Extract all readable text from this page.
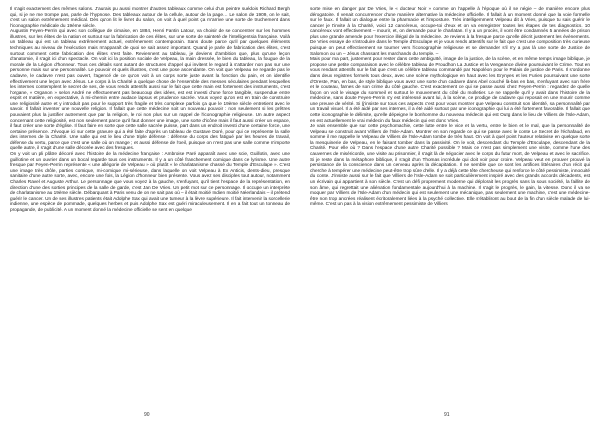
Il s'agit exactement des mêmes salons. J'aurais pu aussi montrer d'autres tableaux comme celui d'un peintre suédois Richard Bergh qui, si je ne me trompe pas, parle de l'hypnose. Des tableaux autour de la cellule, autour de la page… Le salon de 1909, on le sait, c'est un salon extrêmement médical. Dès qu'on lit le livret du salon, on voit à quel point ça m'arrive une sorte de truchement dans l'iconographie médicale du 19ème siècle.

Augustin Feyen-Perrin qui avec son collègue de cimaise, en 1884, Henri Fantin Latour, va choisir de se concentrer sur les hommes illustres, sur les élites de la nation et surtout sur la fabrication de ces élites, sur une sorte de sainteté de l'intelligentsia française. Voilà un tableau qui est un tableau extrêmement actuel, extrêmement contemporain. Sans doute parce qu'il par quelques éléments techniques au niveau de l'exécution mais m'apparaît de quoi se sait assez important. Quand je parle de fabrication des élites, c'est surtout comment cette fabrication des élites s'est faite. Reviennent au tableau, je deviens d'ambition que, plus qu'une leçon d'anatomie, il s'agit ici d'un spectacle. On voit ici la position sociale de Velpeau, la main dressée, le bien du tableau, la fougue de la morale de la Légion d'honneur. Tous ces détails sont autant de structures d'appel qui invitent le regard à s'attarder non pas sur une personne mais sur une personnalité. Le pouvoir et quels illustres, c'est une pose ascendante. On voit que Velpeau ne regarde pas le cadavre, le cadavre n'est pas ouvert, l'agencé de ce qu'on voit à un corps sorte juste avant la fonction du pain, et on identifie effectivement une leçon avec Jésus. Le corps à la Charité a quelque chose de l'ensemble des messes séculaires pendant lesquelles les internes contemplent le secret de ses, de vous rends attentifs aussi sur le fait que cette main est fortement des instruments, c'est l'organe, « Organon » selon André ne effectuement pas beaucoup des idées, est est investi d'une force tangible, suspendue entre esprit et matière, en expectative, à mi-chemin entre audace lapsus et prudence sacrée. Vous voyez qu'on est en train de construire une religiosité autre et y introduit pas pour le support très fragile et très complexe parfois ça que le 19ème siècle entretient avec le savoir. Il fallait inventer une nouvelle religion. Il fallait que cette médecine soit un nouveau pouvoir : non seulement si les prêtres pouvaient plus la justifier autrement que par la religion, le roi non plus sur un rappel de l'iconographie religieuse. Un autre aspect concernant cette religiosité, est non seulement parce qu'il faut donner une image, une sorte d'icône mais il faut aussi créer un espace, il faut créer une sorte d'église. Il faut faire en sorte que cette salle sacrée puisse, part dans un endroit investi d'une certaine force, une certaine présence. J'évoque ici sur cette gravure qui a été faite d'après un tableau de Gustave Doré, pour qui ce représente la salle des internes de la Charité. Une salle qui est le lieu d'une triple défense : défense du corps des fatigué par les heures de travail, défense du vertu, parce que c'est une salle où on mange ; et aussi défense de l'oeil, puisque on n'est pas une salle comme n'importe quelle autre, il s'agit d'une salle décorée avec des fresques.

On y voit un pli plâtre décoré avec l'histoire de la médecine française : Ambroise Paré apparaît avec une scie, Guillotin, avec une guillotine et un ouvrier dans un bocal regarde tous ces instruments. Il y a un côté franchement comique dans ce lyrisme. Une autre fresque par Feyen-Perrin représente « une allégorie de Velpeau » où plutôt « le charlatanisme chassé du Temple d'Esculape ». C'est une image très drôle, parties comique, mi-comique mi-sérieuse, dans laquelle on voit Velpeau à Ex Anticis, dents-dieu, presque sanitaire d'une autre sorte, avec, encore une fois, la Légion d'honneur bien présente. Vous avez ses disciples tout autour, notamment Charles Ravel et Auguste Arthur. Le personnage que vous voyez à la gauche, s'enfuyant, qu'il tient l'espace de la représentation, en direction d'une des sorties principes de la salle de garde, c'est Jan De Vries. Un petit mot sur ce personnage. Il occupe un interprète de charlatanisme au 19ème siècle. Débarquant à Paris venu de on ne sait pas où – il était moitié Indien moitié Néerlandais – il prétend guérir le cancer. Un de ses illustres patients était Adolphe Sax qui avait une tumeur à la lèvre supérieure. Il fait intervenir la sorcellerie indienne, une espèce de pommade, quelques herbes et puis Adolphe Sax est guéri miraculeusement. Il en a fait tout un tonneau de propagande, de publicité. A un moment donné la médecine officielle se sent en quelque

sorte mise en danger par De Vries, le « docteur Noir » comme on l'appelle à l'époque où il se négie – de manière encore plus dérogatoire. Il venait concurrencer d'une manière alternative la médecine officielle. Il fallait à un moment donné que la voie formelle sur le faux. Il fallait un dialogue entre la pharmacie et l'imposture. Très intelligemment Velpeau dit à Vries, puisque tu sais guérir le cancer je t'invite à la Charité, voici 12 cancéreux, occupe-toi d'eux et on va enregistrer toutes les étapes de tes diagnostics. 10 cancéreux vont effectivement – mourir, et, on demande pour le charlatan. Il y a un procès, il vont être condamnés 5 années de prison plus une grande amende pour l'exercice illégal de la médecine. Je reviens à la fresque parce qu'elle décrit justement les évènements. De Vries essaye de s'introduire dans le Temple d'Esculape et je vous rends attentifs sur le fait que c'est une composition très curieuse puisque on peut effectivement se tourner vers l'iconographie religieuse et se demander s'il n'y a pas là une sorte de Justice de Salomon ou un – Jésus chassant les marchands du temple. –

Mais pour ma part, justement pour rester dans cette ambiguïté, image de la justice, de la scène, et en même temps image biblique, je propose une petite comparaison avec le célèbre tableau de Proudhon La Justice et la Vengeance divine poursuivant le Crime. Tout en vous rendant attentifs sur le fait que c'est un célèbre tableau commandé par Napoléon pour le Palais de justice de Paris. Il s'ordonne dans deux registres formels tous deux, avec une scène mythologique en haut avec les Erynyes et les Furies poursuivant une sorte d'Oreste, Pan, en bas, de style biblique vous avez une sorte d'un cadavre dans Abel couché là-bas en bas, s'enfuyant avec son frère et le couteau, farnes de son crime du côté gauche. C'est exactement ce qui se passe aussi chez Feyen-Perrin : regardez de quelle façon on voit le visage du sommeil et surtout le mouvement du côté du molletier. Le ne rappelle qu'il y avait dans l'histoire de la médecine, sans doute Feyen-Perrin s'y est intéressé avant lui, à la scène, ce prodige de cadavre qui reposait en une mourir comme une preuve de vérité. Si (j'insiste sur tous ces aspects c'est pour vous montrer que Velpeau construit son identité, sa personnalité par un travail visuel. Il a été aidé par ses internes, il a été aidé surtout par une iconographie qui lui a été fortement favorable. Il fallait que cette iconographie le délimite, qu'elle dépeigne le bonhomme du nouveau médecin qui est Ouïg dans le lieu de Villiers de l'Isle-Adam, en est actuellement le vrai médecin du faux médecin qui est donc Vries.

Je vais ensemble que sur cette psychomachie, cette lutte entre le vice et la vertu, entre le bien et le mal, que la personnalité de Velpeau se construit avant Villiers de l'Isle-Adam. Montrer en son regarde ce qui se passe avec le conte Le Secret de l'échafaud, en somme il me rappelle le Velpeau de Villiers de l'Isle-Adam tombe de très haut. On voit à quel point l'auteur relativise en quelque sorte la mesquinerie de Velpeau, en le faisant tomber dans la passivité. On le voit, descendant du Temple d'Esculape, descendant de la Charité. Pour elle où ? Dans l'espace d'une autre Charité possible ? Mais ce n'est pas simplement une visite, comme l'une des cauvernes de miséricorde, une visite au prisonnier, il s'agit là de négocier avec le corps du futur mort, de Velpeau et avec le sacrifice. Si je reste dans la métaphore biblique, il s'agit d'un Thomas incrédule qui doit voir pour croire. Velpeau veut en prouver prouvé la persistance de la conscience dans un cerveau après la décapitation. Il ne semble que ce sont les artifices littéraires d'un récit qui cherche à tempérer une médecine peut-être trop sûre d'elle. Il y a déjà cette tête chercheuse qui renforce le côté pessimiste, innocuité du conte. J'insiste aussi sur le fait que Villiers de l'Isle-Adam se soit particulièrement inspiré avec des grands accords décadents, est un écrivain qui appartient à son siècle. C'est un défi proprement moderne qui déplorait les progrès sans la sous société, la faillite de son âme, qui regrettait une aliénation fondamentale aujourd'hui à la machine. Il s'agit le progrès, le gain, la vitesse. Donc il va se moquer par Villiers de l'Isle-Adam d'un médecin qui est seulement une mécanique, pas seulement une machine, c'est une médecine-être non trop ancrées réalisent écritoralement liées à la psyché collective. Elle s'établiront au bout de la fin d'un siècle malade de lui-même. C'est un pas à la vision extrêmement pessimiste de Villiers

90	91
